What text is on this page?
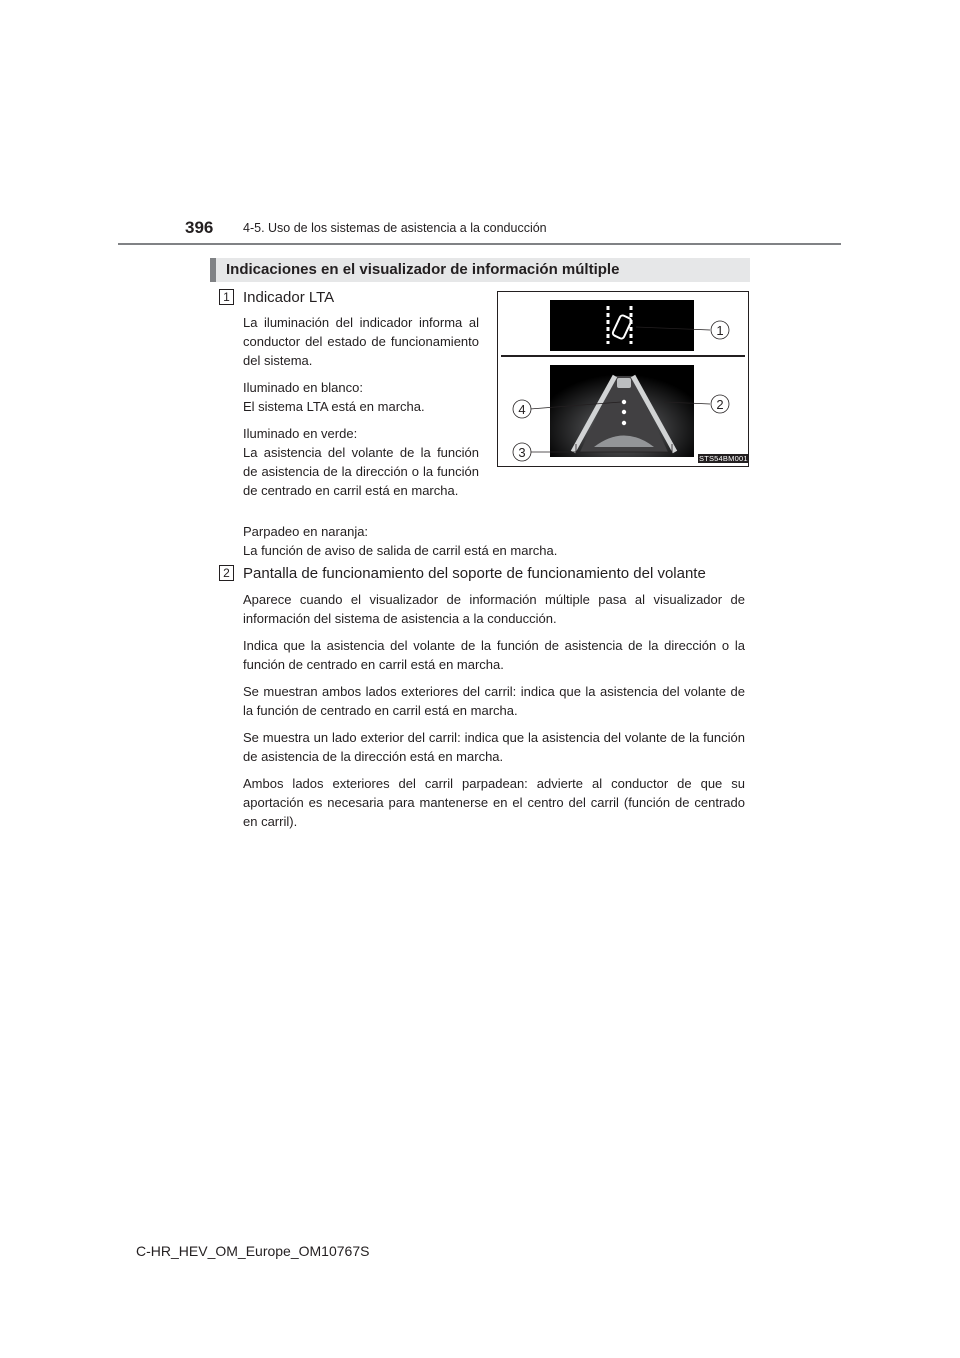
396 4-5. Uso de los sistemas de asistencia a la conducción
Indicaciones en el visualizador de información múltiple
1 Indicador LTA

La iluminación del indicador informa al conductor del estado de funcionamiento del sistema.

Iluminado en blanco:

El sistema LTA está en marcha.

Iluminado en verde:

La asistencia del volante de la función de asistencia de la dirección o la función de centrado en carril está en marcha.

Parpadeo en naranja:

La función de aviso de salida de carril está en marcha.

1
2
3
4
STS54BM001
2 Pantalla de funcionamiento del soporte de funcionamiento del volante

Aparece cuando el visualizador de información múltiple pasa al visualizador de información del sistema de asistencia a la conducción.

Indica que la asistencia del volante de la función de asistencia de la dirección o la función de centrado en carril está en marcha.

Se muestran ambos lados exteriores del carril: indica que la asistencia del volante de la función de centrado en carril está en marcha.

Se muestra un lado exterior del carril: indica que la asistencia del volante de la función de asistencia de la dirección está en marcha.

Ambos lados exteriores del carril parpadean: advierte al conductor de que su aportación es necesaria para mantenerse en el centro del carril (función de centrado en carril).

C-HR_HEV_OM_Europe_OM10767S
